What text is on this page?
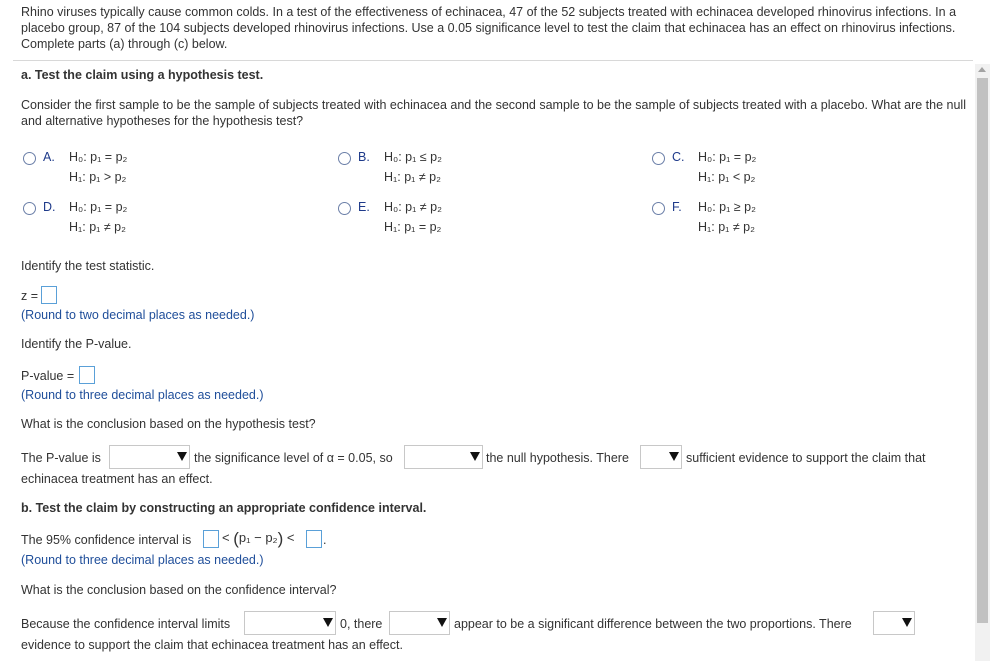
Rhino viruses typically cause common colds. In a test of the effectiveness of echinacea, 47 of the 52 subjects treated with echinacea developed rhinovirus infections. In a placebo group, 87 of the 104 subjects developed rhinovirus infections. Use a 0.05 significance level to test the claim that echinacea has an effect on rhinovirus infections. Complete parts (a) through (c) below.
a. Test the claim using a hypothesis test.
Consider the first sample to be the sample of subjects treated with echinacea and the second sample to be the sample of subjects treated with a placebo. What are the null and alternative hypotheses for the hypothesis test?
A. H₀: p₁ = p₂
H₁: p₁ > p₂
B. H₀: p₁ ≤ p₂
H₁: p₁ ≠ p₂
C. H₀: p₁ = p₂
H₁: p₁ < p₂
D. H₀: p₁ = p₂
H₁: p₁ ≠ p₂
E. H₀: p₁ ≠ p₂
H₁: p₁ = p₂
F. H₀: p₁ ≥ p₂
H₁: p₁ ≠ p₂
Identify the test statistic.
z =
(Round to two decimal places as needed.)
Identify the P-value.
P-value =
(Round to three decimal places as needed.)
What is the conclusion based on the hypothesis test?
The P-value is	the significance level of α = 0.05, so	the null hypothesis. There	sufficient evidence to support the claim that
echinacea treatment has an effect.
b. Test the claim by constructing an appropriate confidence interval.
The 95% confidence interval is < (p₁ − p₂) < .
(Round to three decimal places as needed.)
What is the conclusion based on the confidence interval?
Because the confidence interval limits	0, there	appear to be a significant difference between the two proportions. There
evidence to support the claim that echinacea treatment has an effect.
